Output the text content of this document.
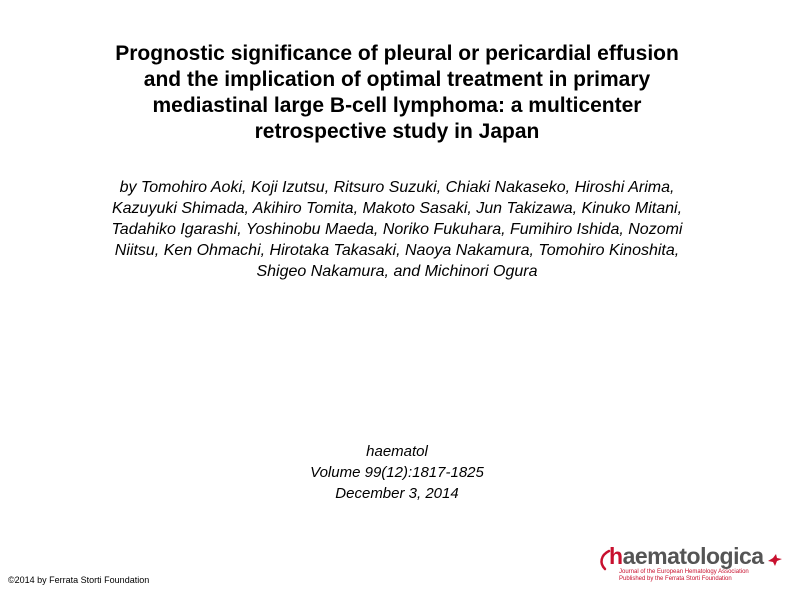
Prognostic significance of pleural or pericardial effusion
and the implication of optimal treatment in primary
mediastinal large B-cell lymphoma: a multicenter
retrospective study in Japan
by Tomohiro Aoki, Koji Izutsu, Ritsuro Suzuki, Chiaki Nakaseko, Hiroshi Arima,
Kazuyuki Shimada, Akihiro Tomita, Makoto Sasaki, Jun Takizawa, Kinuko Mitani,
Tadahiko Igarashi, Yoshinobu Maeda, Noriko Fukuhara, Fumihiro Ishida, Nozomi
Niitsu, Ken Ohmachi, Hirotaka Takasaki, Naoya Nakamura, Tomohiro Kinoshita,
Shigeo Nakamura, and Michinori Ogura
haematol
Volume 99(12):1817-1825
December 3, 2014
©2014 by Ferrata Storti Foundation
haematologica
Journal of the European Hematology Association
Published by the Ferrata Storti Foundation
